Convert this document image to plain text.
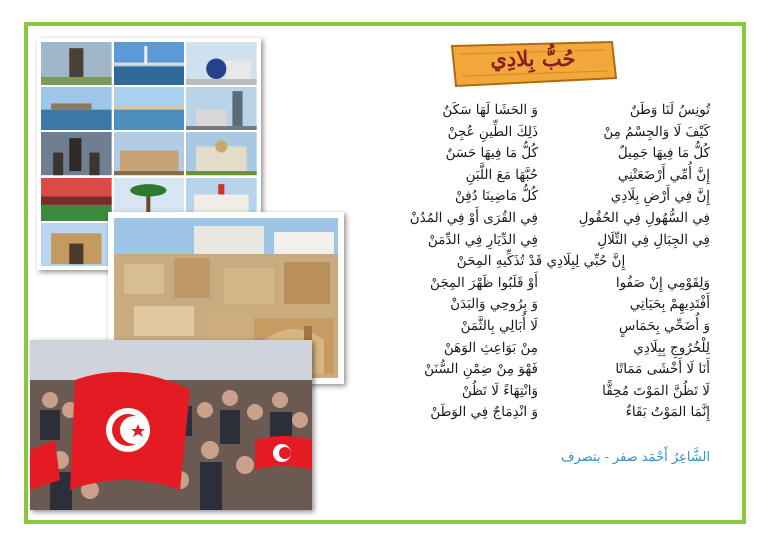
حُبُّ بِلادِي
تُونِسُ لَنَا وَطَنٌ
وَ الحَشَا لَهَا سَكَنٌ
كَيْفَ لَا وَالجِسْمُ مِنْ
ذَلِكَ الطِّينِ عُجِنْ
كُلُّ مَا فِيهَا جَمِيلٌ
كُلُّ مَا فِيهَا حَسَنٌ
إِنَّ أُمِّي أَرْضَعَتْنِي
حُبَّهَا مَعَ اللَّبَنِ
إِنَّ فِي أَرْضِ بِلَادِي
كُلُّ مَاضِينَا دُفِنْ
فِي السُّهُولِ فِي الحُقُولِ
فِي القُرَى أَوْ فِي المُدُنْ
فِي الجِبَالِ فِي التِّلَالِ
فِي الدِّيَارِ فِي الدِّمَنْ
إِنَّ حُبِّي لِبِلَادِي قَدْ تُذَكِّيهِ المِحَنْ
وَلِقَوْمِي إِنْ صَفُوا
أَوْ قَلَبُوا ظَهْرَ المِجَنْ
أَفْتَدِيهِمْ بِحَيَاتِي
وَ بِرُوحِي وَالبَدَنْ
وَ أُضَحِّي بِحَمَاسٍ
لَا أُبَالِي بِالثَّمَنْ
لِلْخُرُوجِ بِبِلَادِي
مِنْ بَوَاعِثِ الوَهَنْ
أَنَا لَا أَخْشَى مَمَاتًا
فَهْوَ مِنْ ضِمْنِ السُّنَنْ
لَا تَظُنَّ المَوْتَ مُحِقًّا
وَانْتِهَاءً لَا تَظُنْ
إِنَّمَا المَوْتُ بَقَاءٌ
وَ انْدِمَاجٌ فِي الوَطَنْ
الشَّاعِرُ أَحْمَد صفر-بتصرف
